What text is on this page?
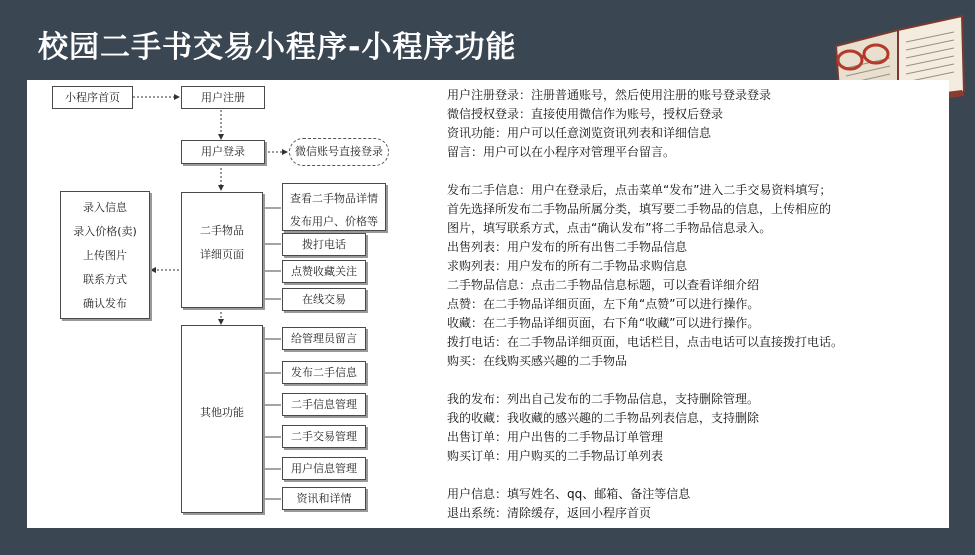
校园二手书交易小程序-小程序功能
小程序首页	用户注册
用户登录	微信账号直接登录
录入信息
录入价格(卖)
上传图片
联系方式
确认发布
二手物品
详细页面
查看二手物品详情
发布用户、价格等
拨打电话
点赞收藏关注
在线交易
其他功能
给管理员留言
发布二手信息
二手信息管理
二手交易管理
用户信息管理
资讯和详情
用户注册登录：注册普通账号，然后使用注册的账号登录登录
微信授权登录：直接使用微信作为账号，授权后登录
资讯功能：用户可以任意浏览资讯列表和详细信息
留言：用户可以在小程序对管理平台留言。
发布二手信息：用户在登录后，点击菜单“发布”进入二手交易资料填写；
首先选择所发布二手物品所属分类，填写要二手物品的信息，上传相应的
图片，填写联系方式，点击“确认发布”将二手物品信息录入。
出售列表：用户发布的所有出售二手物品信息
求购列表：用户发布的所有二手物品求购信息
二手物品信息：点击二手物品信息标题，可以查看详细介绍
点赞：在二手物品详细页面，左下角“点赞”可以进行操作。
收藏：在二手物品详细页面，右下角“收藏”可以进行操作。
拨打电话：在二手物品详细页面，电话栏目，点击电话可以直接拨打电话。
购买：在线购买感兴趣的二手物品
我的发布：列出自己发布的二手物品信息，支持删除管理。
我的收藏：我收藏的感兴趣的二手物品列表信息，支持删除
出售订单：用户出售的二手物品订单管理
购买订单：用户购买的二手物品订单列表
用户信息：填写姓名、qq、邮箱、备注等信息
退出系统：清除缓存，返回小程序首页
